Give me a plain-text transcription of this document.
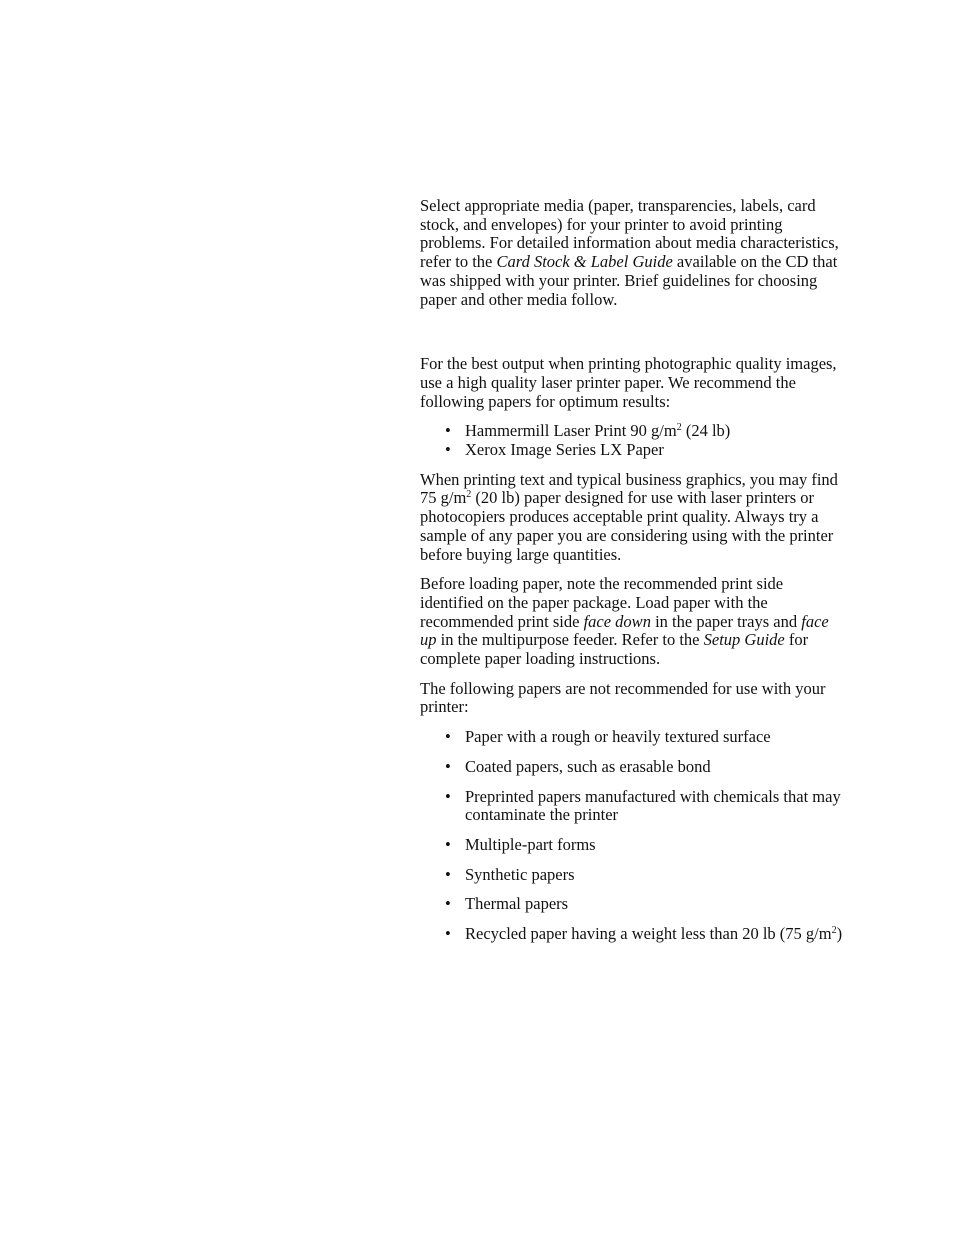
Select appropriate media (paper, transparencies, labels, card stock, and envelopes) for your printer to avoid printing problems. For detailed information about media characteristics, refer to the Card Stock & Label Guide available on the CD that was shipped with your printer. Brief guidelines for choosing paper and other media follow.

For the best output when printing photographic quality images, use a high quality laser printer paper. We recommend the following papers for optimum results:

• Hammermill Laser Print 90 $g/m^2$ (24 lb)
• Xerox Image Series LX Paper

When printing text and typical business graphics, you may find 75 $g/m^2$ (20 lb) paper designed for use with laser printers or photocopiers produces acceptable print quality. Always try a sample of any paper you are considering using with the printer before buying large quantities.

Before loading paper, note the recommended print side identified on the paper package. Load paper with the recommended print side face down in the paper trays and face up in the multipurpose feeder. Refer to the Setup Guide for complete paper loading instructions.

The following papers are not recommended for use with your printer:

• Paper with a rough or heavily textured surface
• Coated papers, such as erasable bond
• Preprinted papers manufactured with chemicals that may contaminate the printer
• Multiple-part forms
• Synthetic papers
• Thermal papers
• Recycled paper having a weight less than 20 lb (75 $g/m^2$)
